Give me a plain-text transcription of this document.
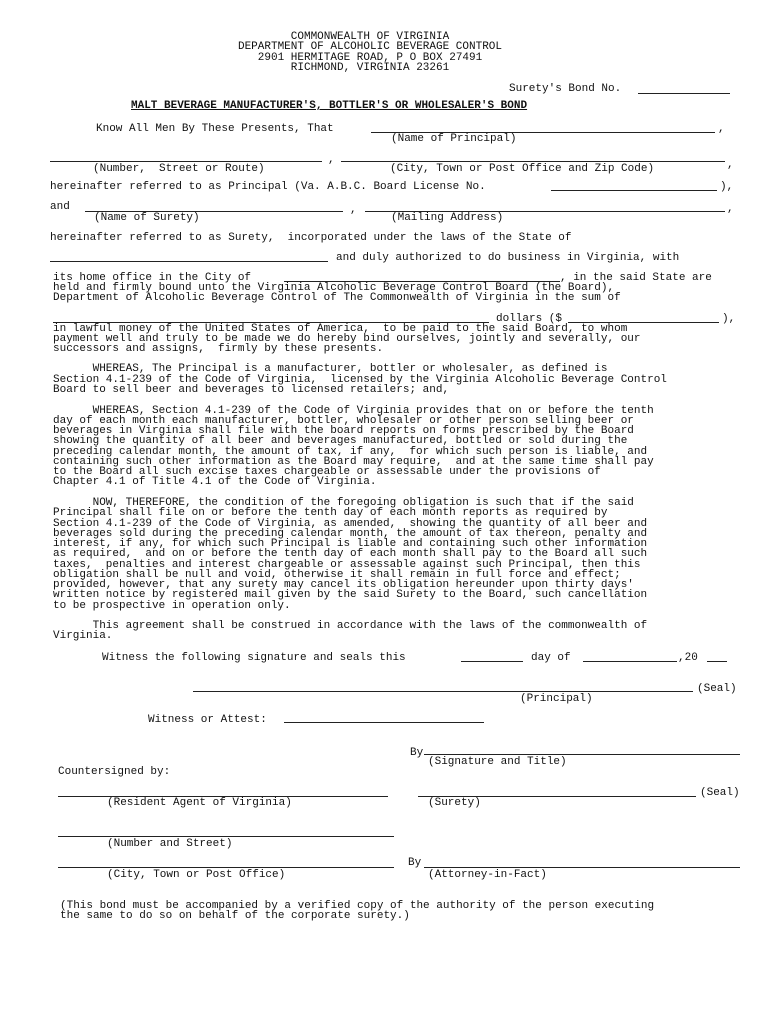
COMMONWEALTH OF VIRGINIA
DEPARTMENT OF ALCOHOLIC BEVERAGE CONTROL
2901 HERMITAGE ROAD, P O BOX 27491
RICHMOND, VIRGINIA 23261
Surety's Bond No.
MALT BEVERAGE MANUFACTURER'S, BOTTLER'S OR WHOLESALER'S BOND
Know All Men By These Presents, That	,
(Name of Principal)
,	,
(Number,  Street or Route)	(City, Town or Post Office and Zip Code)
hereinafter referred to as Principal (Va. A.B.C. Board License No.	),
and	,	,
(Name of Surety)	(Mailing Address)
hereinafter referred to as Surety,  incorporated under the laws of the State of
and duly authorized to do business in Virginia, with
its home office in the City of	, in the said State are
held and firmly bound unto the Virginia Alcoholic Beverage Control Board (the Board),
Department of Alcoholic Beverage Control of The Commonwealth of Virginia in the sum of
dollars ($	),
in lawful money of the United States of America,  to be paid to the said Board, to whom
payment well and truly to be made we do hereby bind ourselves, jointly and severally, our
successors and assigns,  firmly by these presents.
WHEREAS, The Principal is a manufacturer, bottler or wholesaler, as defined is
Section 4.1-239 of the Code of Virginia,  licensed by the Virginia Alcoholic Beverage Control
Board to sell beer and beverages to licensed retailers; and,
WHEREAS, Section 4.1-239 of the Code of Virginia provides that on or before the tenth
day of each month each manufacturer, bottler, wholesaler or other person selling beer or
beverages in Virginia shall file with the board reports on forms prescribed by the Board
showing the quantity of all beer and beverages manufactured, bottled or sold during the
preceding calendar month, the amount of tax, if any,  for which such person is liable, and
containing such other information as the Board may require,  and at the same time shall pay
to the Board all such excise taxes chargeable or assessable under the provisions of
Chapter 4.1 of Title 4.1 of the Code of Virginia.
NOW, THEREFORE, the condition of the foregoing obligation is such that if the said
Principal shall file on or before the tenth day of each month reports as required by
Section 4.1-239 of the Code of Virginia, as amended,  showing the quantity of all beer and
beverages sold during the preceding calendar month, the amount of tax thereon, penalty and
interest, if any, for which such Principal is liable and containing such other information
as required,  and on or before the tenth day of each month shall pay to the Board all such
taxes,  penalties and interest chargeable or assessable against such Principal, then this
obligation shall be null and void, otherwise it shall remain in full force and effect;
provided, however, that any surety may cancel its obligation hereunder upon thirty days'
written notice by registered mail given by the said Surety to the Board, such cancellation
to be prospective in operation only.
This agreement shall be construed in accordance with the laws of the commonwealth of
Virginia.
Witness the following signature and seals this	day of	,20
(Seal)
(Principal)
Witness or Attest:
By
(Signature and Title)
Countersigned by:
(Seal)
(Resident Agent of Virginia)	(Surety)
(Number and Street)
By
(City, Town or Post Office)	(Attorney-in-Fact)
(This bond must be accompanied by a verified copy of the authority of the person executing
the same to do so on behalf of the corporate surety.)
